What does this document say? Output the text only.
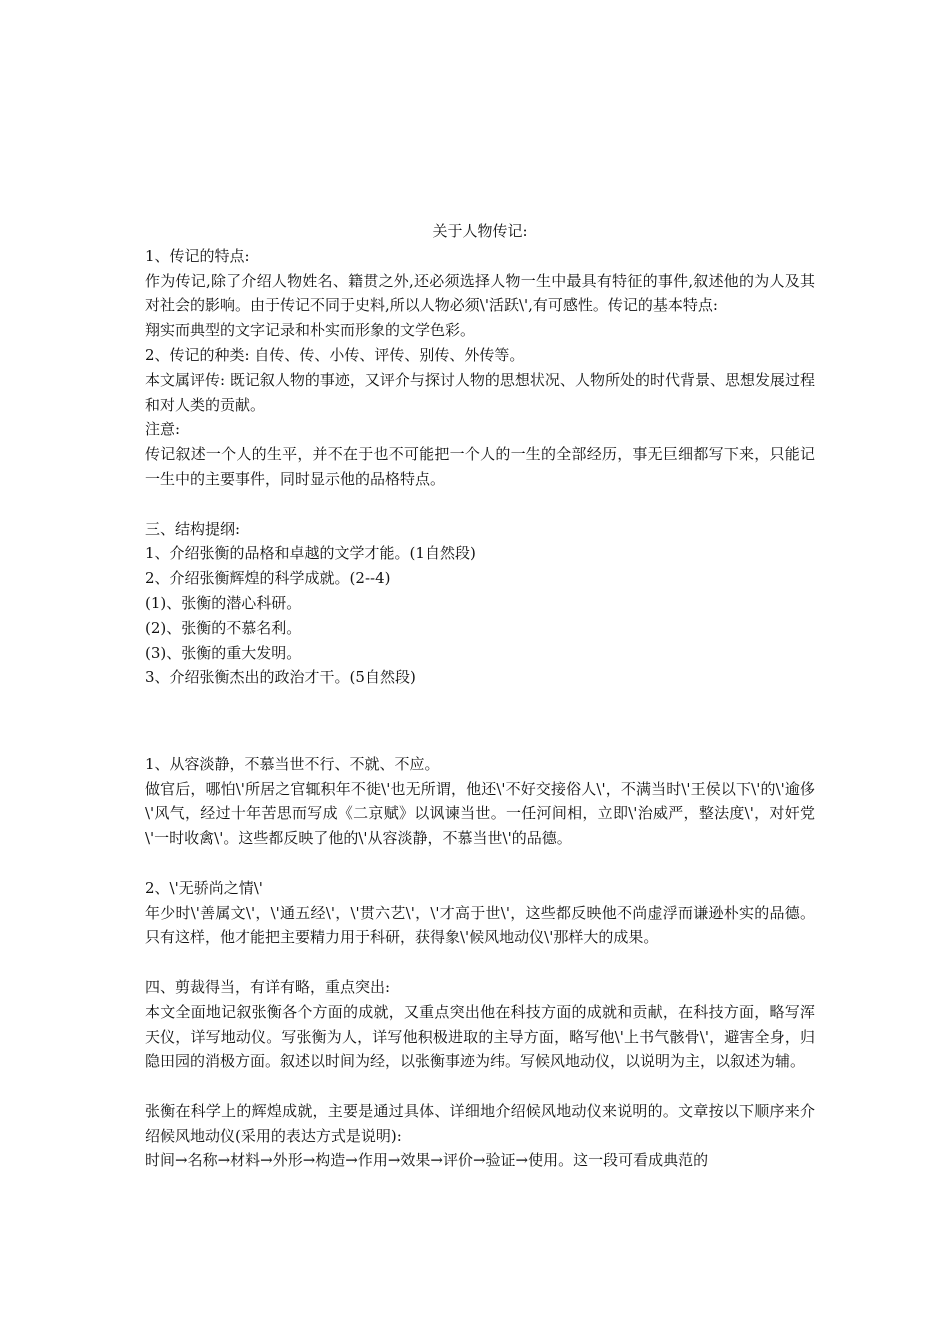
关于人物传记:

1、传记的特点:

作为传记,除了介绍人物姓名、籍贯之外,还必须选择人物一生中最具有特征的事件,叙述他的为人及其对社会的影响。由于传记不同于史料,所以人物必须\'活跃\',有可感性。传记的基本特点:

翔实而典型的文字记录和朴实而形象的文学色彩。

2、传记的种类: 自传、传、小传、评传、别传、外传等。

本文属评传: 既记叙人物的事迹，又评介与探讨人物的思想状况、人物所处的时代背景、思想发展过程和对人类的贡献。

注意:

传记叙述一个人的生平，并不在于也不可能把一个人的一生的全部经历，事无巨细都写下来，只能记一生中的主要事件，同时显示他的品格特点。

三、结构提纲:

1、介绍张衡的品格和卓越的文学才能。(1自然段)

2、介绍张衡辉煌的科学成就。(2--4)

(1)、张衡的潜心科研。

(2)、张衡的不慕名利。

(3)、张衡的重大发明。

3、介绍张衡杰出的政治才干。(5自然段)

1、从容淡静，不慕当世不行、不就、不应。

做官后，哪怕\'所居之官辄积年不徙\'也无所谓，他还\'不好交接俗人\'，不满当时\'王侯以下\'的\'逾侈\'风气，经过十年苦思而写成《二京赋》以讽谏当世。一任河间相，立即\'治威严，整法度\'，对奸党\'一时收禽\'。这些都反映了他的\'从容淡静，不慕当世\'的品德。

2、\'无骄尚之情\'

年少时\'善属文\'，\'通五经\'，\'贯六艺\'，\'才高于世\'，这些都反映他不尚虚浮而谦逊朴实的品德。只有这样，他才能把主要精力用于科研，获得象\'候风地动仪\'那样大的成果。

四、剪裁得当，有详有略，重点突出:

本文全面地记叙张衡各个方面的成就，又重点突出他在科技方面的成就和贡献，在科技方面，略写浑天仪，详写地动仪。写张衡为人，详写他积极进取的主导方面，略写他\'上书气骸骨\'，避害全身，归隐田园的消极方面。叙述以时间为经，以张衡事迹为纬。写候风地动仪，以说明为主，以叙述为辅。

张衡在科学上的辉煌成就，主要是通过具体、详细地介绍候风地动仪来说明的。文章按以下顺序来介绍候风地动仪(采用的表达方式是说明):

时间→名称→材料→外形→构造→作用→效果→评价→验证→使用。这一段可看成典范的
